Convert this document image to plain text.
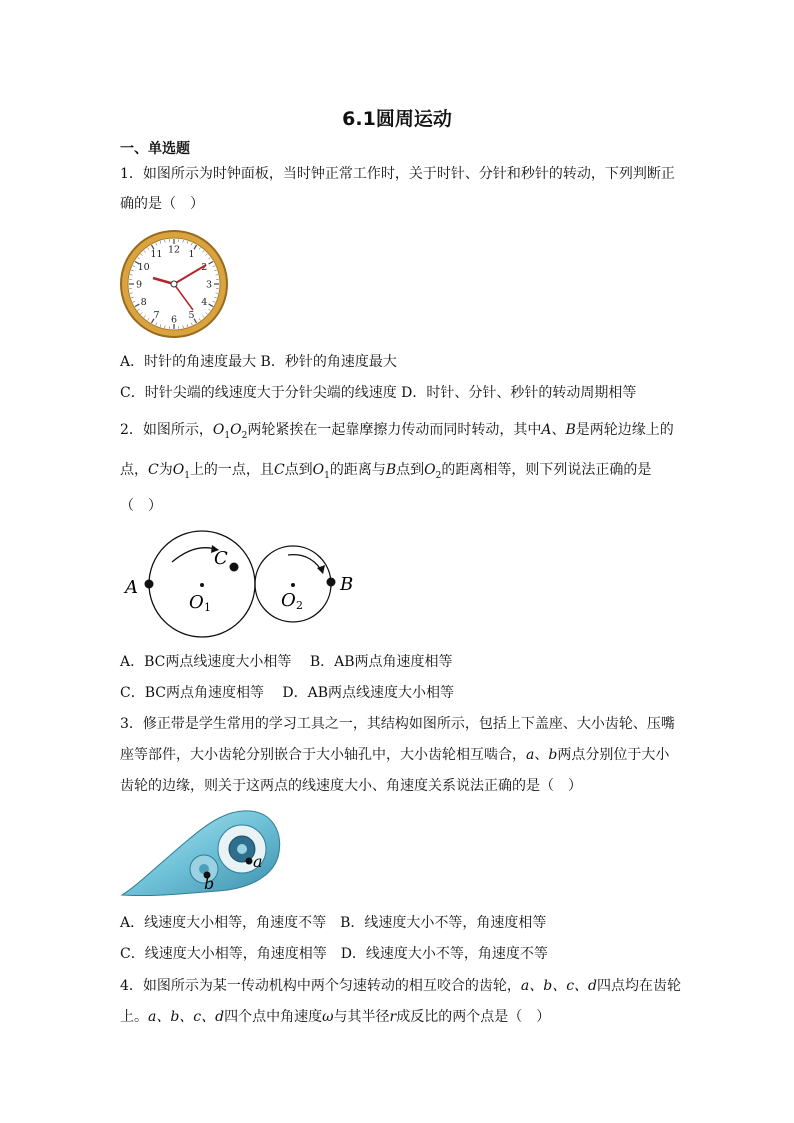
6.1圆周运动
一、单选题
1．如图所示为时钟面板，当时钟正常工作时，关于时针、分针和秒针的转动，下列判断正
确的是（　）
12 1
2
3
4
5
6
7
8
9
10
11
A．时针的角速度最大 B．秒针的角速度最大
C．时针尖端的线速度大于分针尖端的线速度 D．时针、分针、秒针的转动周期相等
2．如图所示，$O_1O_2$两轮紧挨在一起靠摩擦力传动而同时转动，其中A、B是两轮边缘上的
点，C为$O_1$上的一点，且C点到$O_1$的距离与B点到$O_2$的距离相等，则下列说法正确的是
（　）
A	B
C
O 1	O 2
A．BC两点线速度大小相等　 B．AB两点角速度相等
C．BC两点角速度相等　 D．AB两点线速度大小相等
3．修正带是学生常用的学习工具之一，其结构如图所示，包括上下盖座、大小齿轮、压嘴
座等部件，大小齿轮分别嵌合于大小轴孔中，大小齿轮相互啮合，a、b两点分别位于大小
齿轮的边缘，则关于这两点的线速度大小、角速度关系说法正确的是（　）
a
b
A．线速度大小相等，角速度不等　B．线速度大小不等，角速度相等
C．线速度大小相等，角速度相等　D．线速度大小不等，角速度不等
4．如图所示为某一传动机构中两个匀速转动的相互咬合的齿轮，a、b、c、d四点均在齿轮
上。a、b、c、d四个点中角速度ω与其半径r成反比的两个点是（　）
